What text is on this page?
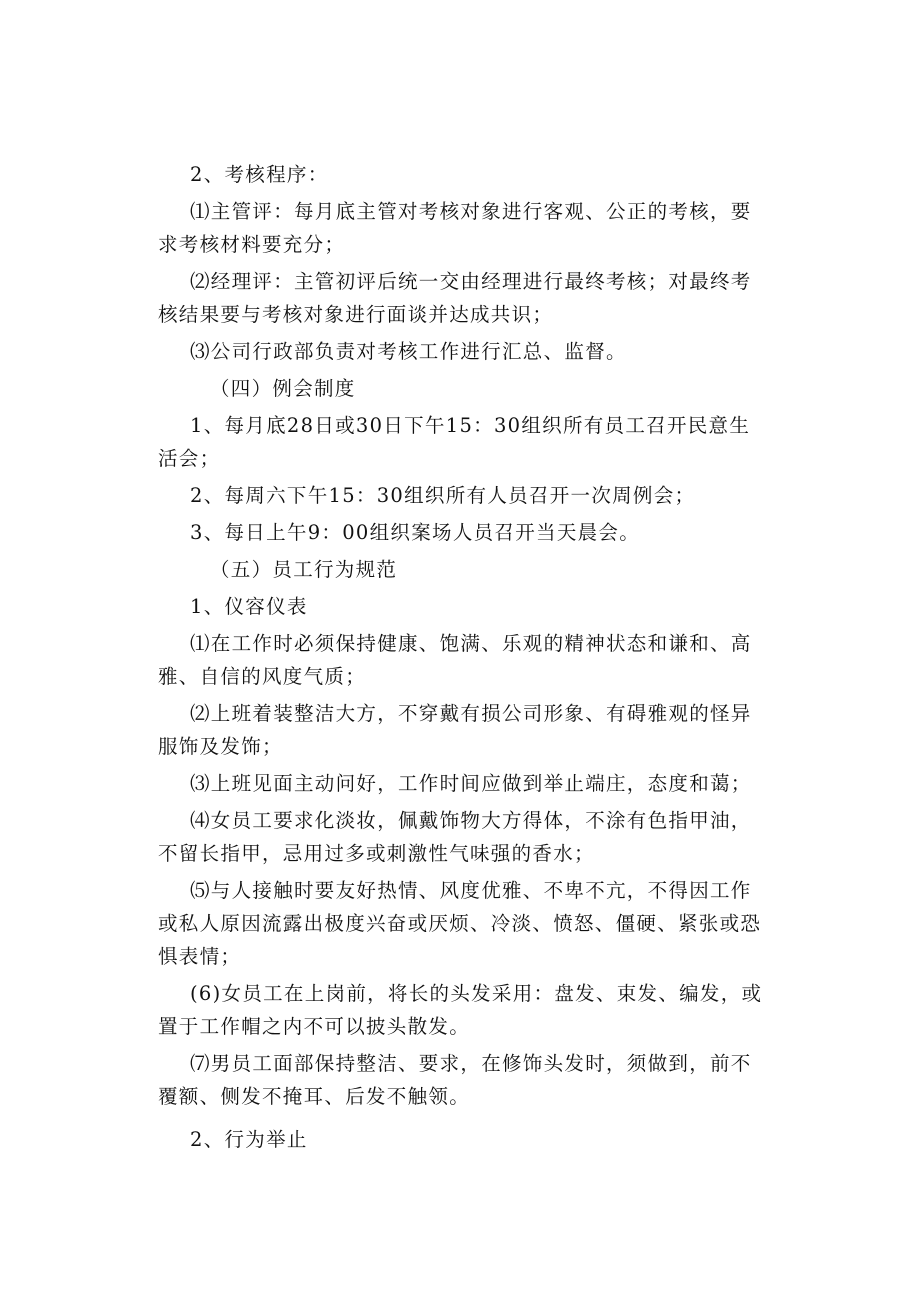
2、考核程序：

⑴主管评：每月底主管对考核对象进行客观、公正的考核，要求考核材料要充分；

⑵经理评：主管初评后统一交由经理进行最终考核；对最终考核结果要与考核对象进行面谈并达成共识；

⑶公司行政部负责对考核工作进行汇总、监督。

（四）例会制度

1、每月底28日或30日下午15：30组织所有员工召开民意生活会；

2、每周六下午15：30组织所有人员召开一次周例会；

3、每日上午9：00组织案场人员召开当天晨会。

（五）员工行为规范

1、仪容仪表

⑴在工作时必须保持健康、饱满、乐观的精神状态和谦和、高雅、自信的风度气质；

⑵上班着装整洁大方，不穿戴有损公司形象、有碍雅观的怪异服饰及发饰；

⑶上班见面主动问好，工作时间应做到举止端庄，态度和蔼；

⑷女员工要求化淡妆，佩戴饰物大方得体，不涂有色指甲油，不留长指甲，忌用过多或刺激性气味强的香水；

⑸与人接触时要友好热情、风度优雅、不卑不亢，不得因工作或私人原因流露出极度兴奋或厌烦、冷淡、愤怒、僵硬、紧张或恐惧表情；

(6)女员工在上岗前，将长的头发采用：盘发、束发、编发，或置于工作帽之内不可以披头散发。

⑺男员工面部保持整洁、要求，在修饰头发时，须做到，前不覆额、侧发不掩耳、后发不触领。

2、行为举止
